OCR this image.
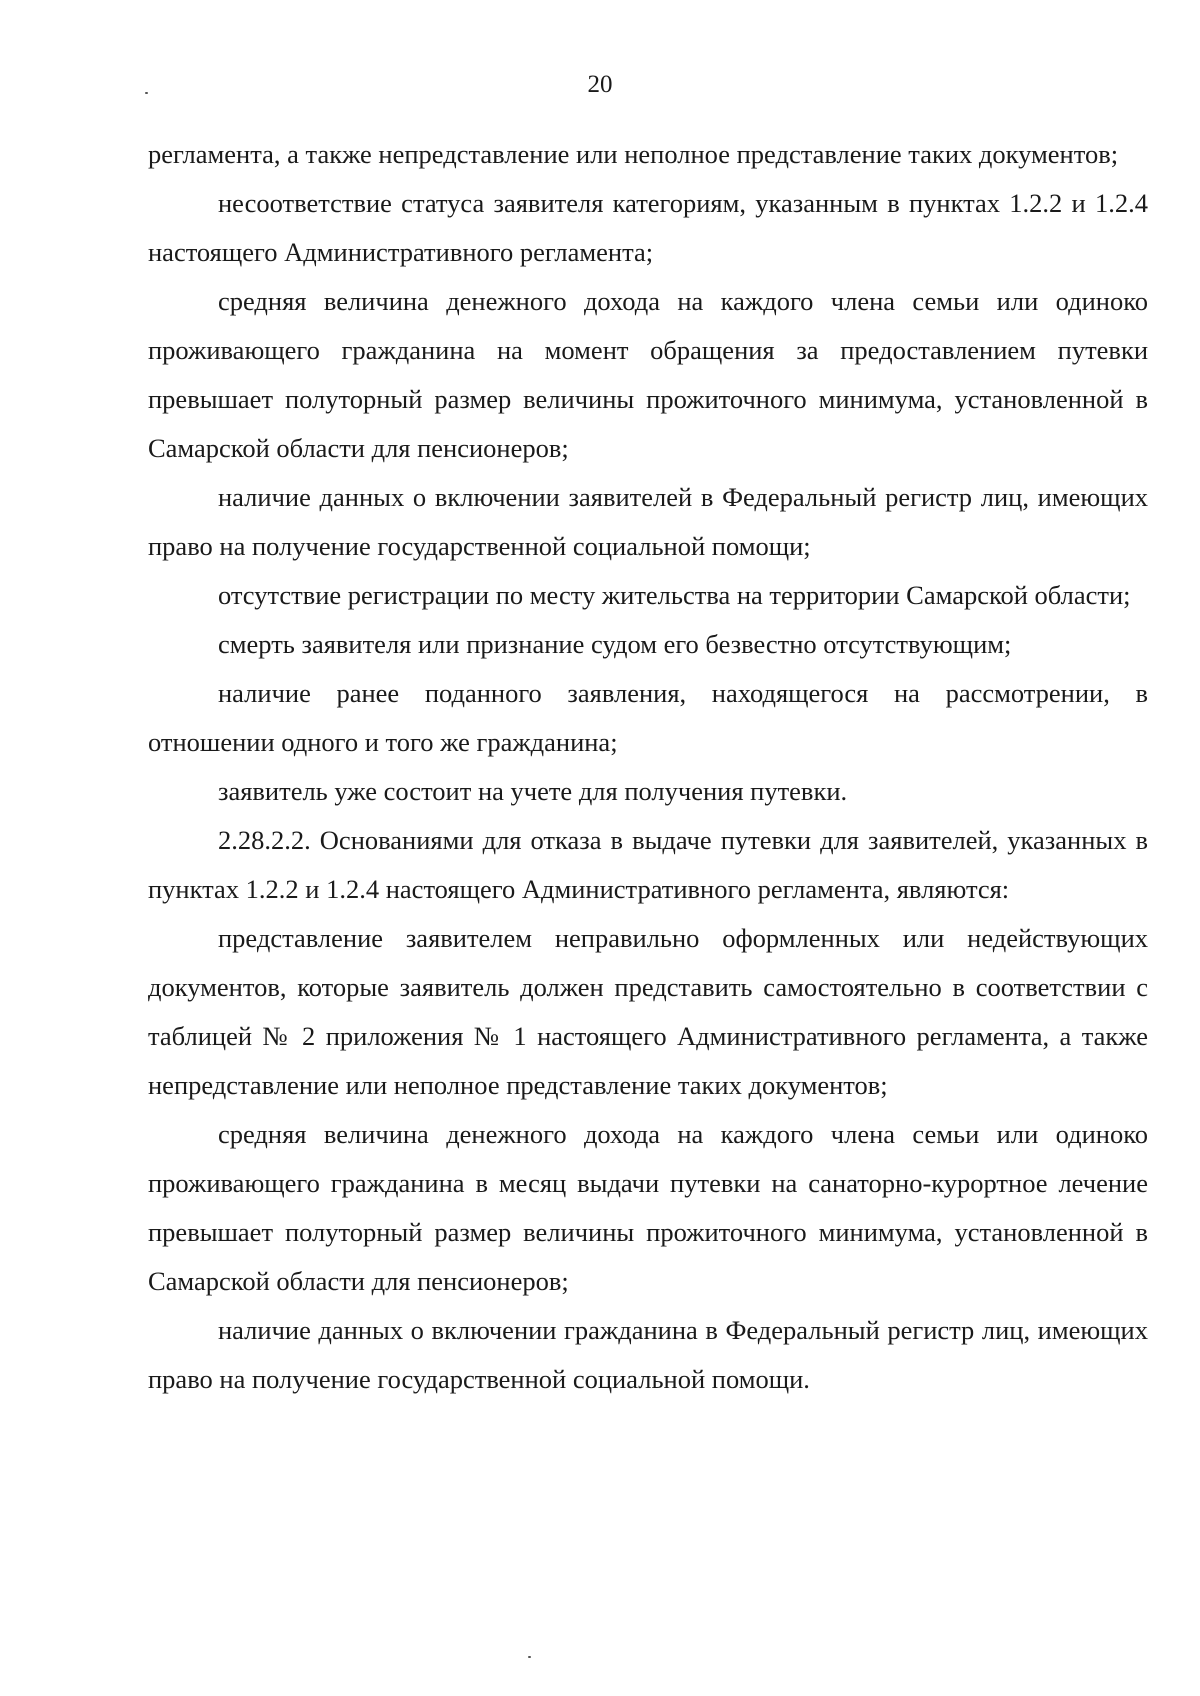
20

регламента, а также непредставление или неполное представление таких документов;

несоответствие статуса заявителя категориям, указанным в пунктах 1.2.2 и 1.2.4 настоящего Административного регламента;

средняя величина денежного дохода на каждого члена семьи или одиноко проживающего гражданина на момент обращения за предоставлением путевки превышает полуторный размер величины прожиточного минимума, установленной в Самарской области для пенсионеров;

наличие данных о включении заявителей в Федеральный регистр лиц, имеющих право на получение государственной социальной помощи;

отсутствие регистрации по месту жительства на территории Самарской области;

смерть заявителя или признание судом его безвестно отсутствующим;

наличие ранее поданного заявления, находящегося на рассмотрении, в отношении одного и того же гражданина;

заявитель уже состоит на учете для получения путевки.

2.28.2.2. Основаниями для отказа в выдаче путевки для заявителей, указанных в пунктах 1.2.2 и 1.2.4 настоящего Административного регламента, являются:

представление заявителем неправильно оформленных или недействующих документов, которые заявитель должен представить самостоятельно в соответствии с таблицей № 2 приложения № 1 настоящего Административного регламента, а также непредставление или неполное представление таких документов;

средняя величина денежного дохода на каждого члена семьи или одиноко проживающего гражданина в месяц выдачи путевки на санаторно-курортное лечение превышает полуторный размер величины прожиточного минимума, установленной в Самарской области для пенсионеров;

наличие данных о включении гражданина в Федеральный регистр лиц, имеющих право на получение государственной социальной помощи.
